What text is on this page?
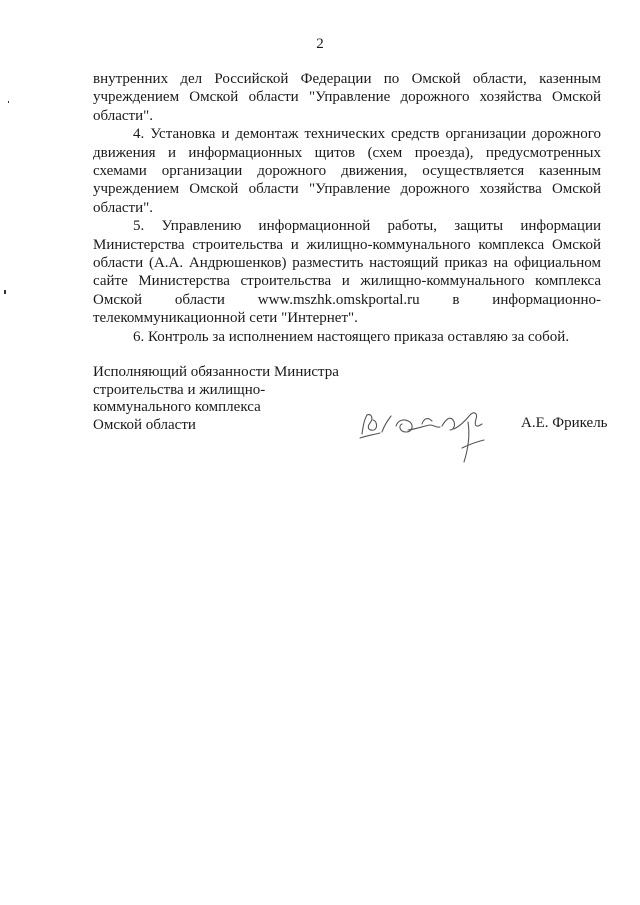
2

внутренних дел Российской Федерации по Омской области, казенным учреждением Омской области "Управление дорожного хозяйства Омской области".

4. Установка и демонтаж технических средств организации дорожного движения и информационных щитов (схем проезда), предусмотренных схемами организации дорожного движения, осуществляется казенным учреждением Омской области "Управление дорожного хозяйства Омской области".

5. Управлению информационной работы, защиты информации Министерства строительства и жилищно-коммунального комплекса Омской области (А.А. Андрюшенков) разместить настоящий приказ на официальном сайте Министерства строительства и жилищно-коммунального комплекса Омской области www.mszhk.omskportal.ru в информационно-телекоммуникационной сети "Интернет".

6. Контроль за исполнением настоящего приказа оставляю за собой.

Исполняющий обязанности Министра
строительства и жилищно-
коммунального комплекса
Омской области	А.Е. Фрикель
